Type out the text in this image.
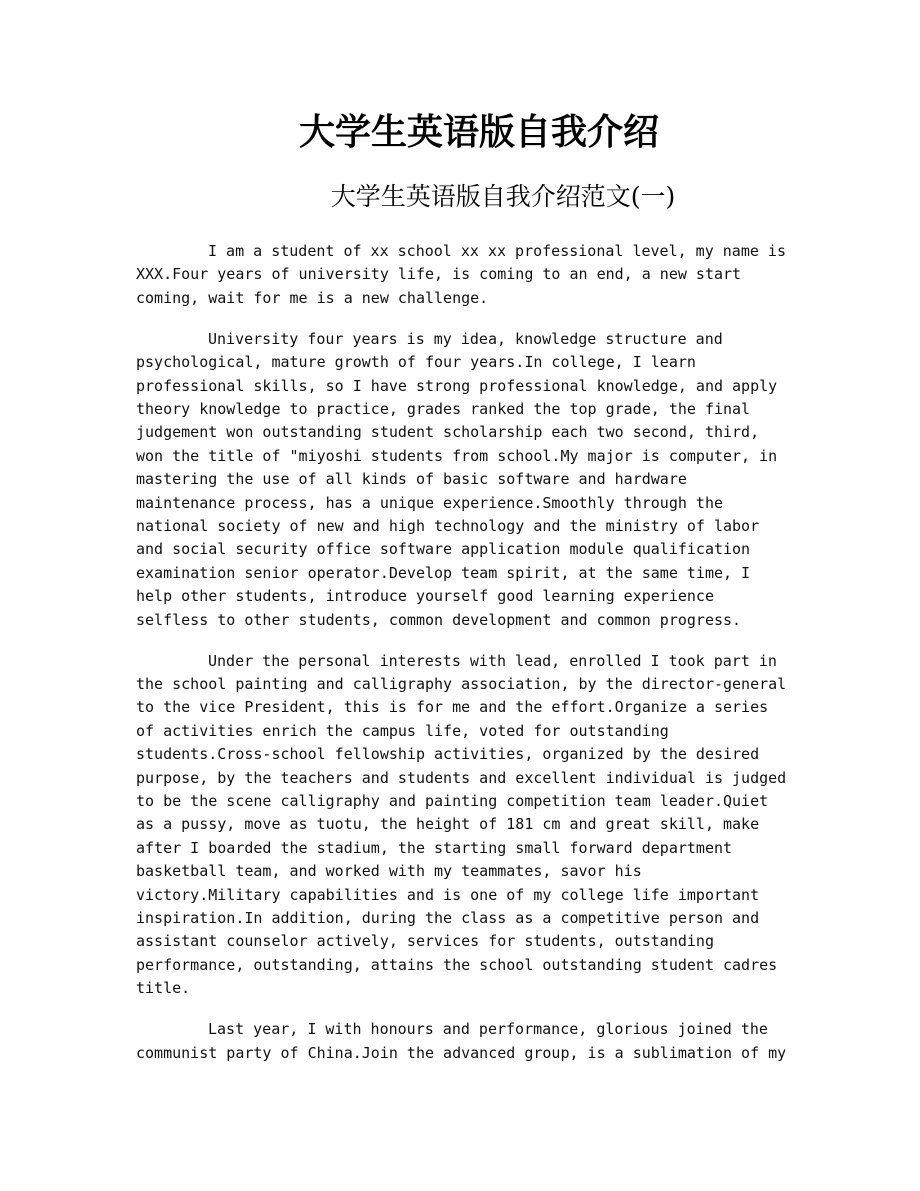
大学生英语版自我介绍
大学生英语版自我介绍范文(一)

I am a student of xx school xx xx professional level, my name is XXX.Four years of university life, is coming to an end, a new start coming, wait for me is a new challenge.

University four years is my idea, knowledge structure and psychological, mature growth of four years.In college, I learn professional skills, so I have strong professional knowledge, and apply theory knowledge to practice, grades ranked the top grade, the final judgement won outstanding student scholarship each two second, third, won the title of "miyoshi students from school.My major is computer, in mastering the use of all kinds of basic software and hardware maintenance process, has a unique experience.Smoothly through the national society of new and high technology and the ministry of labor and social security office software application module qualification examination senior operator.Develop team spirit, at the same time, I help other students, introduce yourself good learning experience selfless to other students, common development and common progress.

Under the personal interests with lead, enrolled I took part in the school painting and calligraphy association, by the director-general to the vice President, this is for me and the effort.Organize a series of activities enrich the campus life, voted for outstanding students.Cross-school fellowship activities, organized by the desired purpose, by the teachers and students and excellent individual is judged to be the scene calligraphy and painting competition team leader.Quiet as a pussy, move as tuotu, the height of 181 cm and great skill, make after I boarded the stadium, the starting small forward department basketball team, and worked with my teammates, savor his victory.Military capabilities and is one of my college life important inspiration.In addition, during the class as a competitive person and assistant counselor actively, services for students, outstanding performance, outstanding, attains the school outstanding student cadres title.

Last year, I with honours and performance, glorious joined the communist party of China.Join the advanced group, is a sublimation of my
